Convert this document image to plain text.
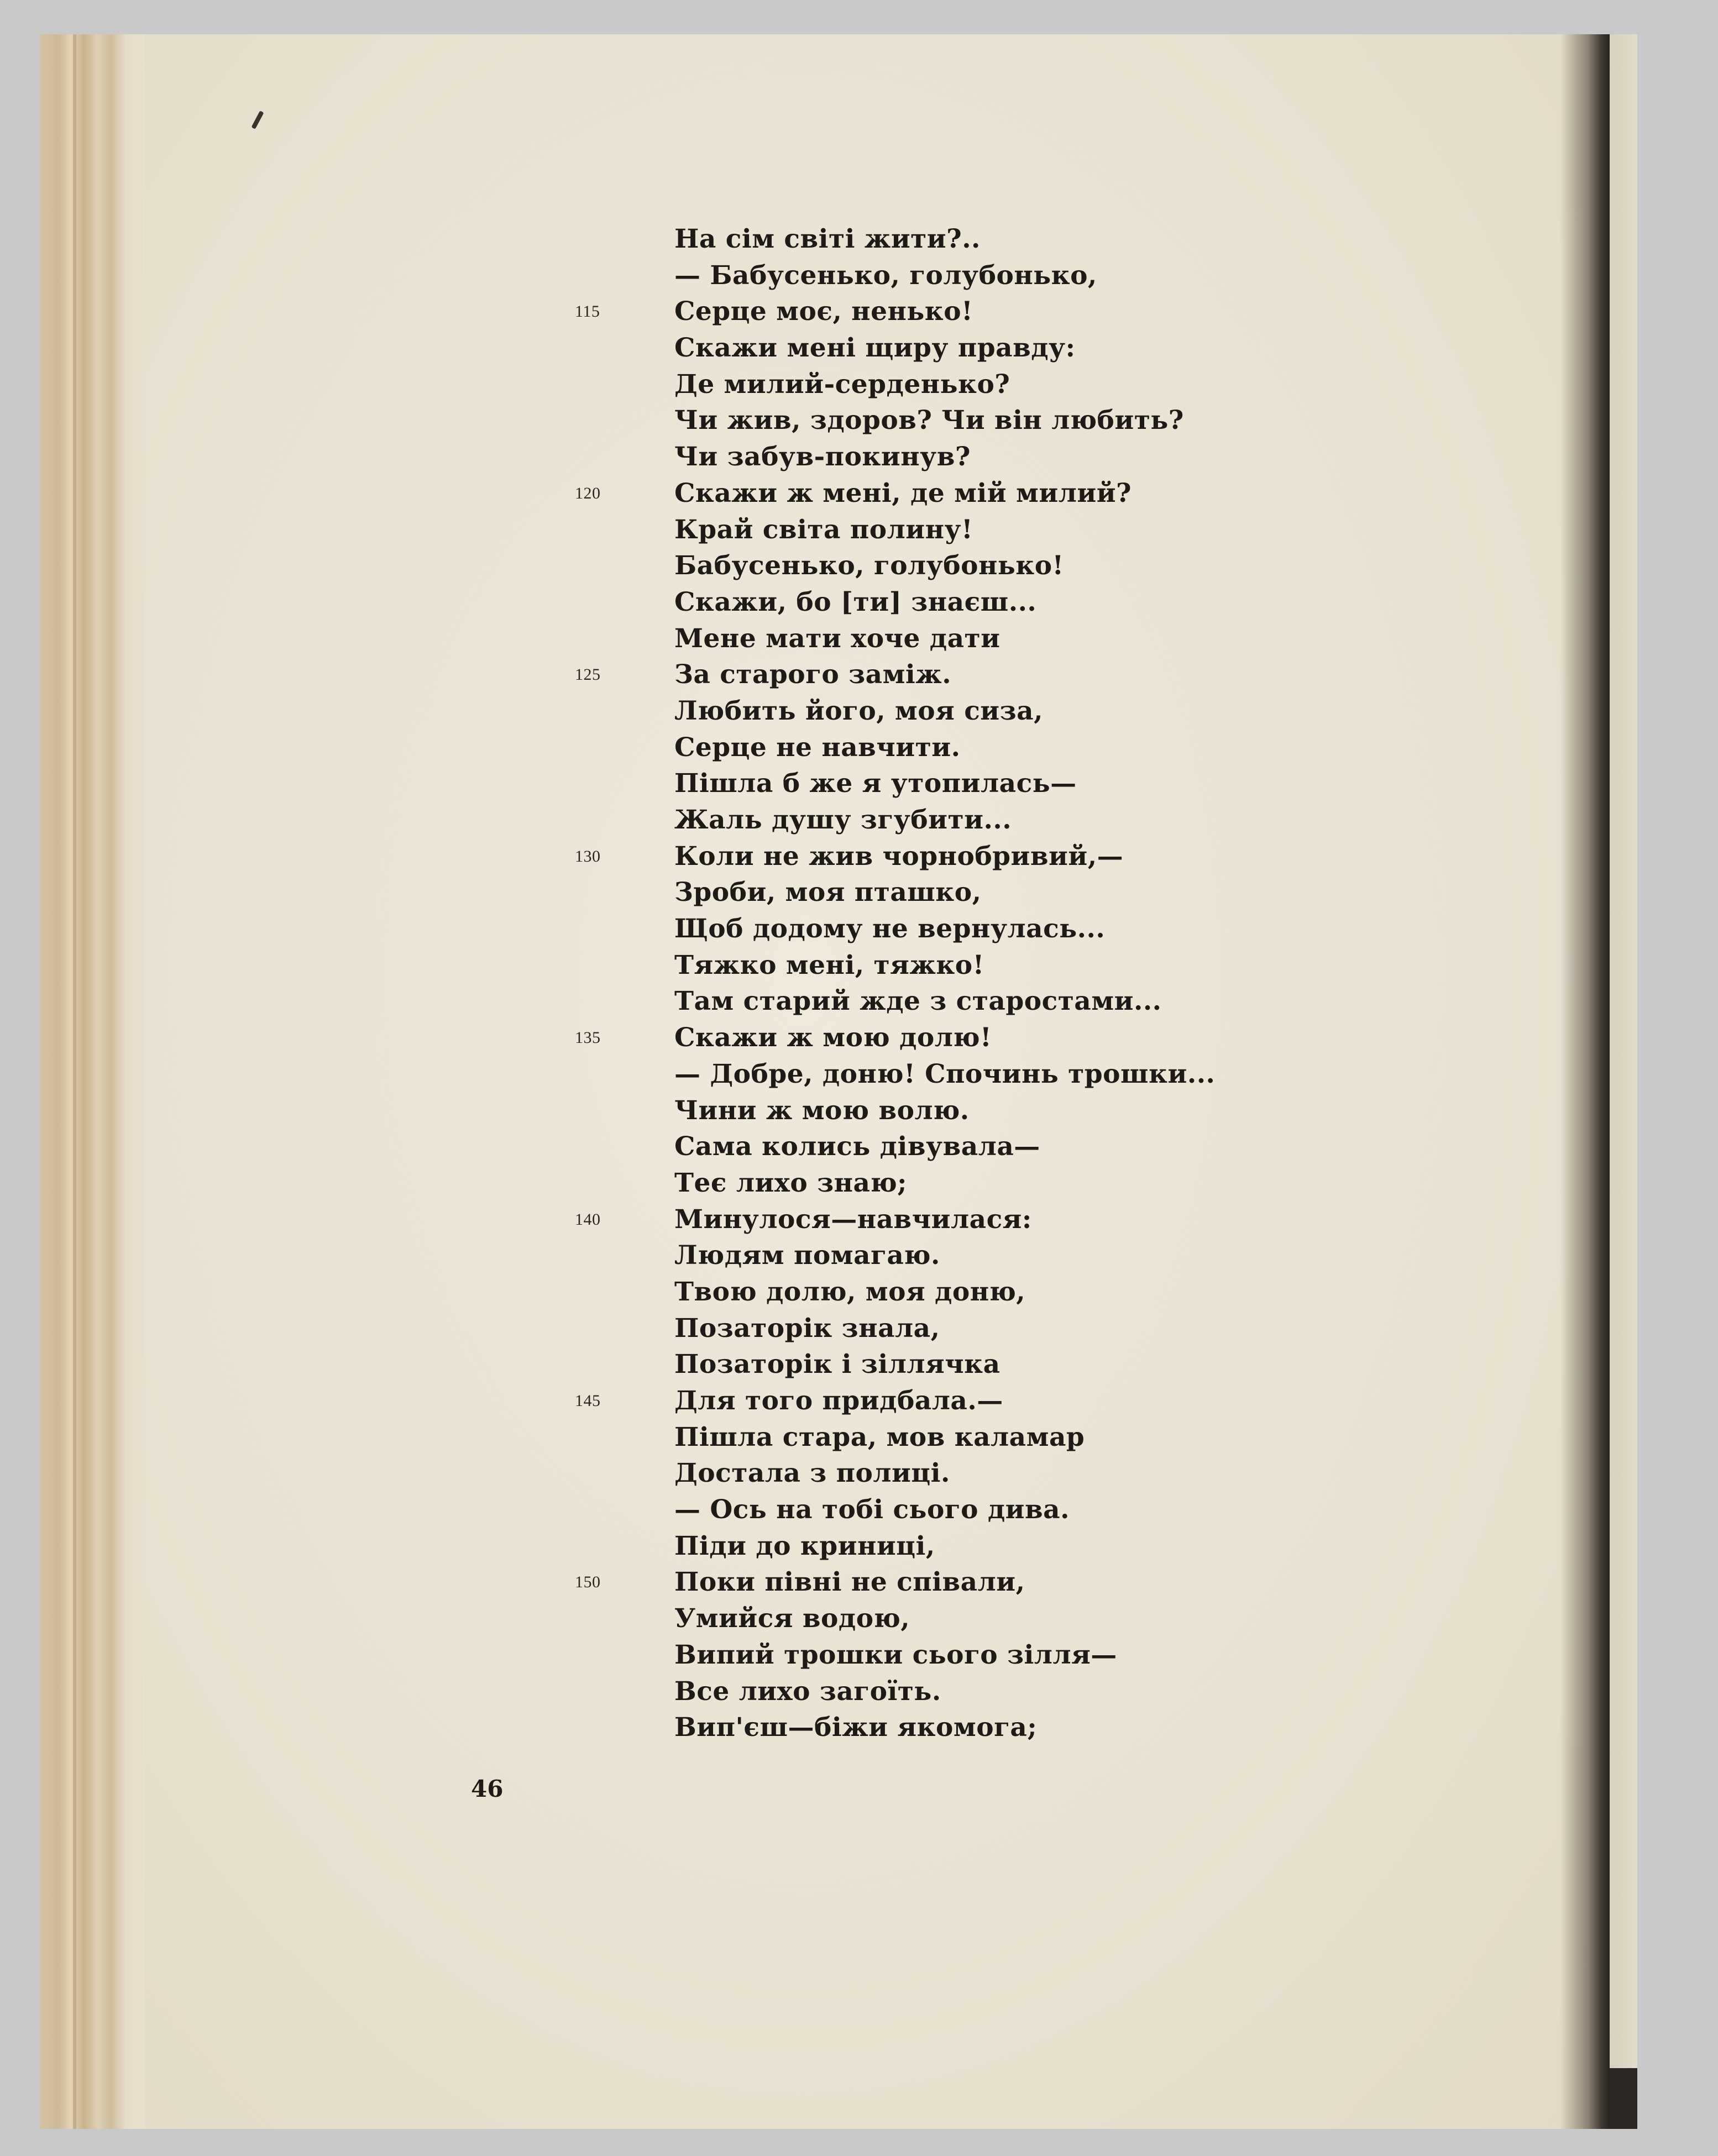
На сім світі жити?..
— Бабусенько, голубонько,
115	Серце моє, ненько!
Скажи мені щиру правду:
Де милий-серденько?
Чи жив, здоров? Чи він любить?
Чи забув-покинув?
120	Скажи ж мені, де мій милий?
Край світа полину!
Бабусенько, голубонько!
Скажи, бо [ти] знаєш...
Мене мати хоче дати
125	За старого заміж.
Любить його, моя сиза,
Серце не навчити.
Пішла б же я утопилась—
Жаль душу згубити...
130	Коли не жив чорнобривий,—
Зроби, моя пташко,
Щоб додому не вернулась...
Тяжко мені, тяжко!
Там старий жде з старостами...
135	Скажи ж мою долю!
— Добре, доню! Спочинь трошки...
Чини ж мою волю.
Сама колись дівувала—
Теє лихо знаю;
140	Минулося—навчилася:
Людям помагаю.
Твою долю, моя доню,
Позаторік знала,
Позаторік і зіллячка
145	Для того придбала.—
Пішла стара, мов каламар
Достала з полиці.
— Ось на тобі сього дива.
Піди до криниці,
150	Поки півні не співали,
Умийся водою,
Випий трошки сього зілля—
Все лихо загоїть.
Вип'єш—біжи якомога;
46
